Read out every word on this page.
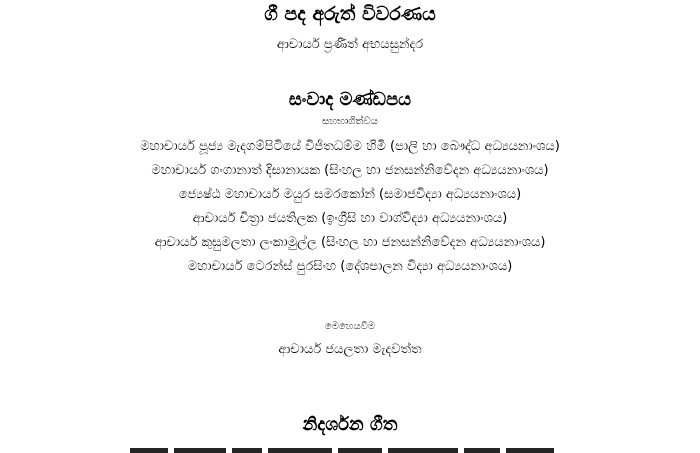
ගී පද අරුත් විවරණය
ආචාර්ය ප්‍රණීත් අභයසුන්දර
සංවාද මණ්ඩපය
සහභාගිත්වය
මහාචාර්ය පූජ්‍ය මැදගම්පිටියේ විජිතධම්ම හිමි (පාලි හා බෞද්ධ අධ්‍යයනාංශය)
මහාචාර්ය ගංගානාත් දිසානායක (සිංහල හා ජනසන්නිවේදන අධ්‍යයනාංශය)
ජ්‍යෙෂ්ඨ මහාචාර්ය මයුර සමරකෝන් (සමාජවිද්‍යා අධ්‍යයනාංශය)
ආචාර්ය චිත්‍රා ජයතිලක (ඉංග්‍රීසි හා වාග්විද්‍යා අධ්‍යයනාංශය)
ආචාර්ය කුසුමලතා ලංකාමුල්ල (සිංහල හා ජනසන්නිවේදන අධ්‍යයනාංශය)
මහාචාර්ය ටෙරන්ස් පුරසිංහ (දේශපාලන විද්‍යා අධ්‍යයනාංශය)
මෙහෙයවීම
ආචාර්ය ජයලතා මැදවත්ත
නිදර්ශන ගීත
